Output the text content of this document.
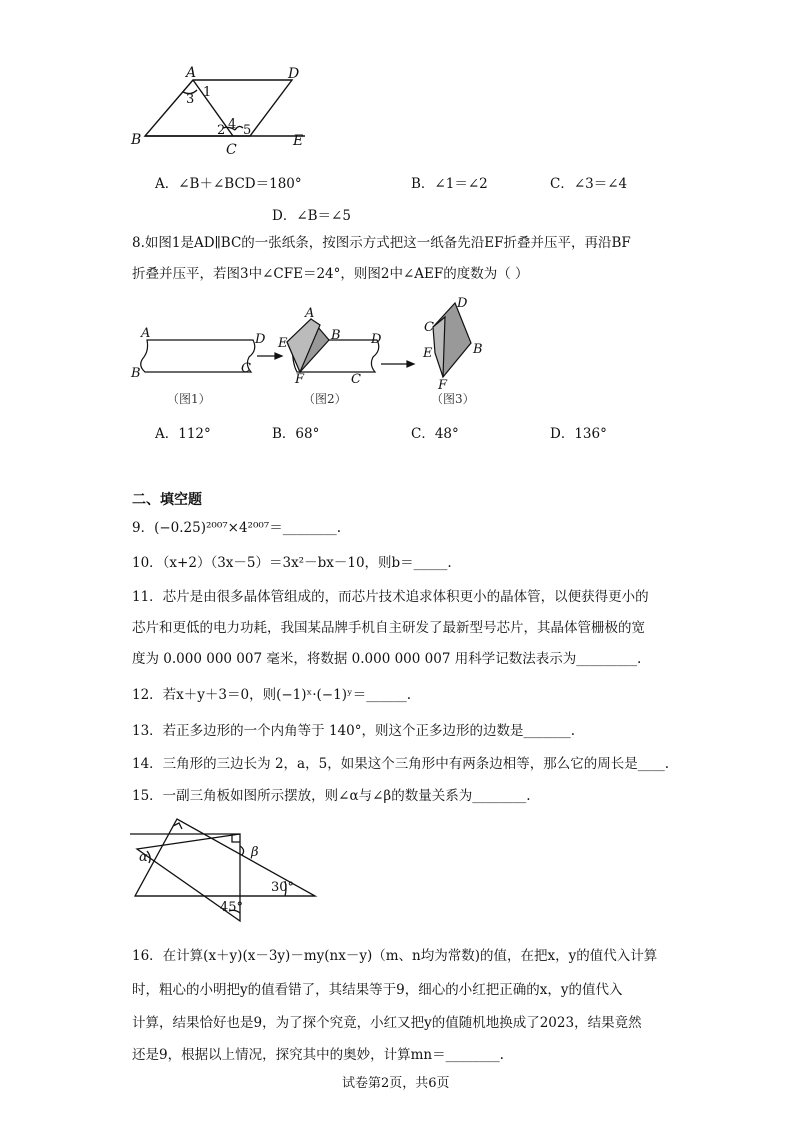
A	D
B
C
E
1
3
2 4 5
A．∠B＋∠BCD＝180°	B．∠1＝∠2	C．∠3＝∠4
D．∠B＝∠5
8.如图1是AD∥BC的一张纸条，按图示方式把这一纸备先沿EF折叠并压平，再沿BF
折叠并压平，若图3中∠CFE＝24°，则图2中∠AEF的度数为（ ）
A	D
B	C
A
E
B D
F	C
C
D
E	B
F
（图1）	（图2）	（图3）
A．112°	B．68°	C．48°	D．136°
二、填空题
9．(−0.25)²⁰⁰⁷×4²⁰⁰⁷＝________.
10．（x+2）（3x－5）＝3x²－bx－10，则b＝_____.
11．芯片是由很多晶体管组成的，而芯片技术追求体积更小的晶体管，以便获得更小的
芯片和更低的电力功耗，我国某品牌手机自主研发了最新型号芯片，其晶体管栅极的宽
度为 0.000 000 007 毫米，将数据 0.000 000 007 用科学记数法表示为_________.
12．若x＋y＋3＝0，则(−1)ˣ·(−1)ʸ＝______.
13．若正多边形的一个内角等于 140°，则这个正多边形的边数是_______.
14．三角形的三边长为 2，a，5，如果这个三角形中有两条边相等，那么它的周长是____.
15．一副三角板如图所示摆放，则∠α与∠β的数量关系为________.
α	β
30°
45°
16．在计算(x＋y)(x－3y)－my(nx－y)（m、n均为常数)的值，在把x，y的值代入计算
时，粗心的小明把y的值看错了，其结果等于9，细心的小红把正确的x，y的值代入
计算，结果恰好也是9，为了探个究竟，小红又把y的值随机地换成了2023，结果竟然
还是9，根据以上情况，探究其中的奥妙，计算mn＝________.
试卷第2页，共6页
